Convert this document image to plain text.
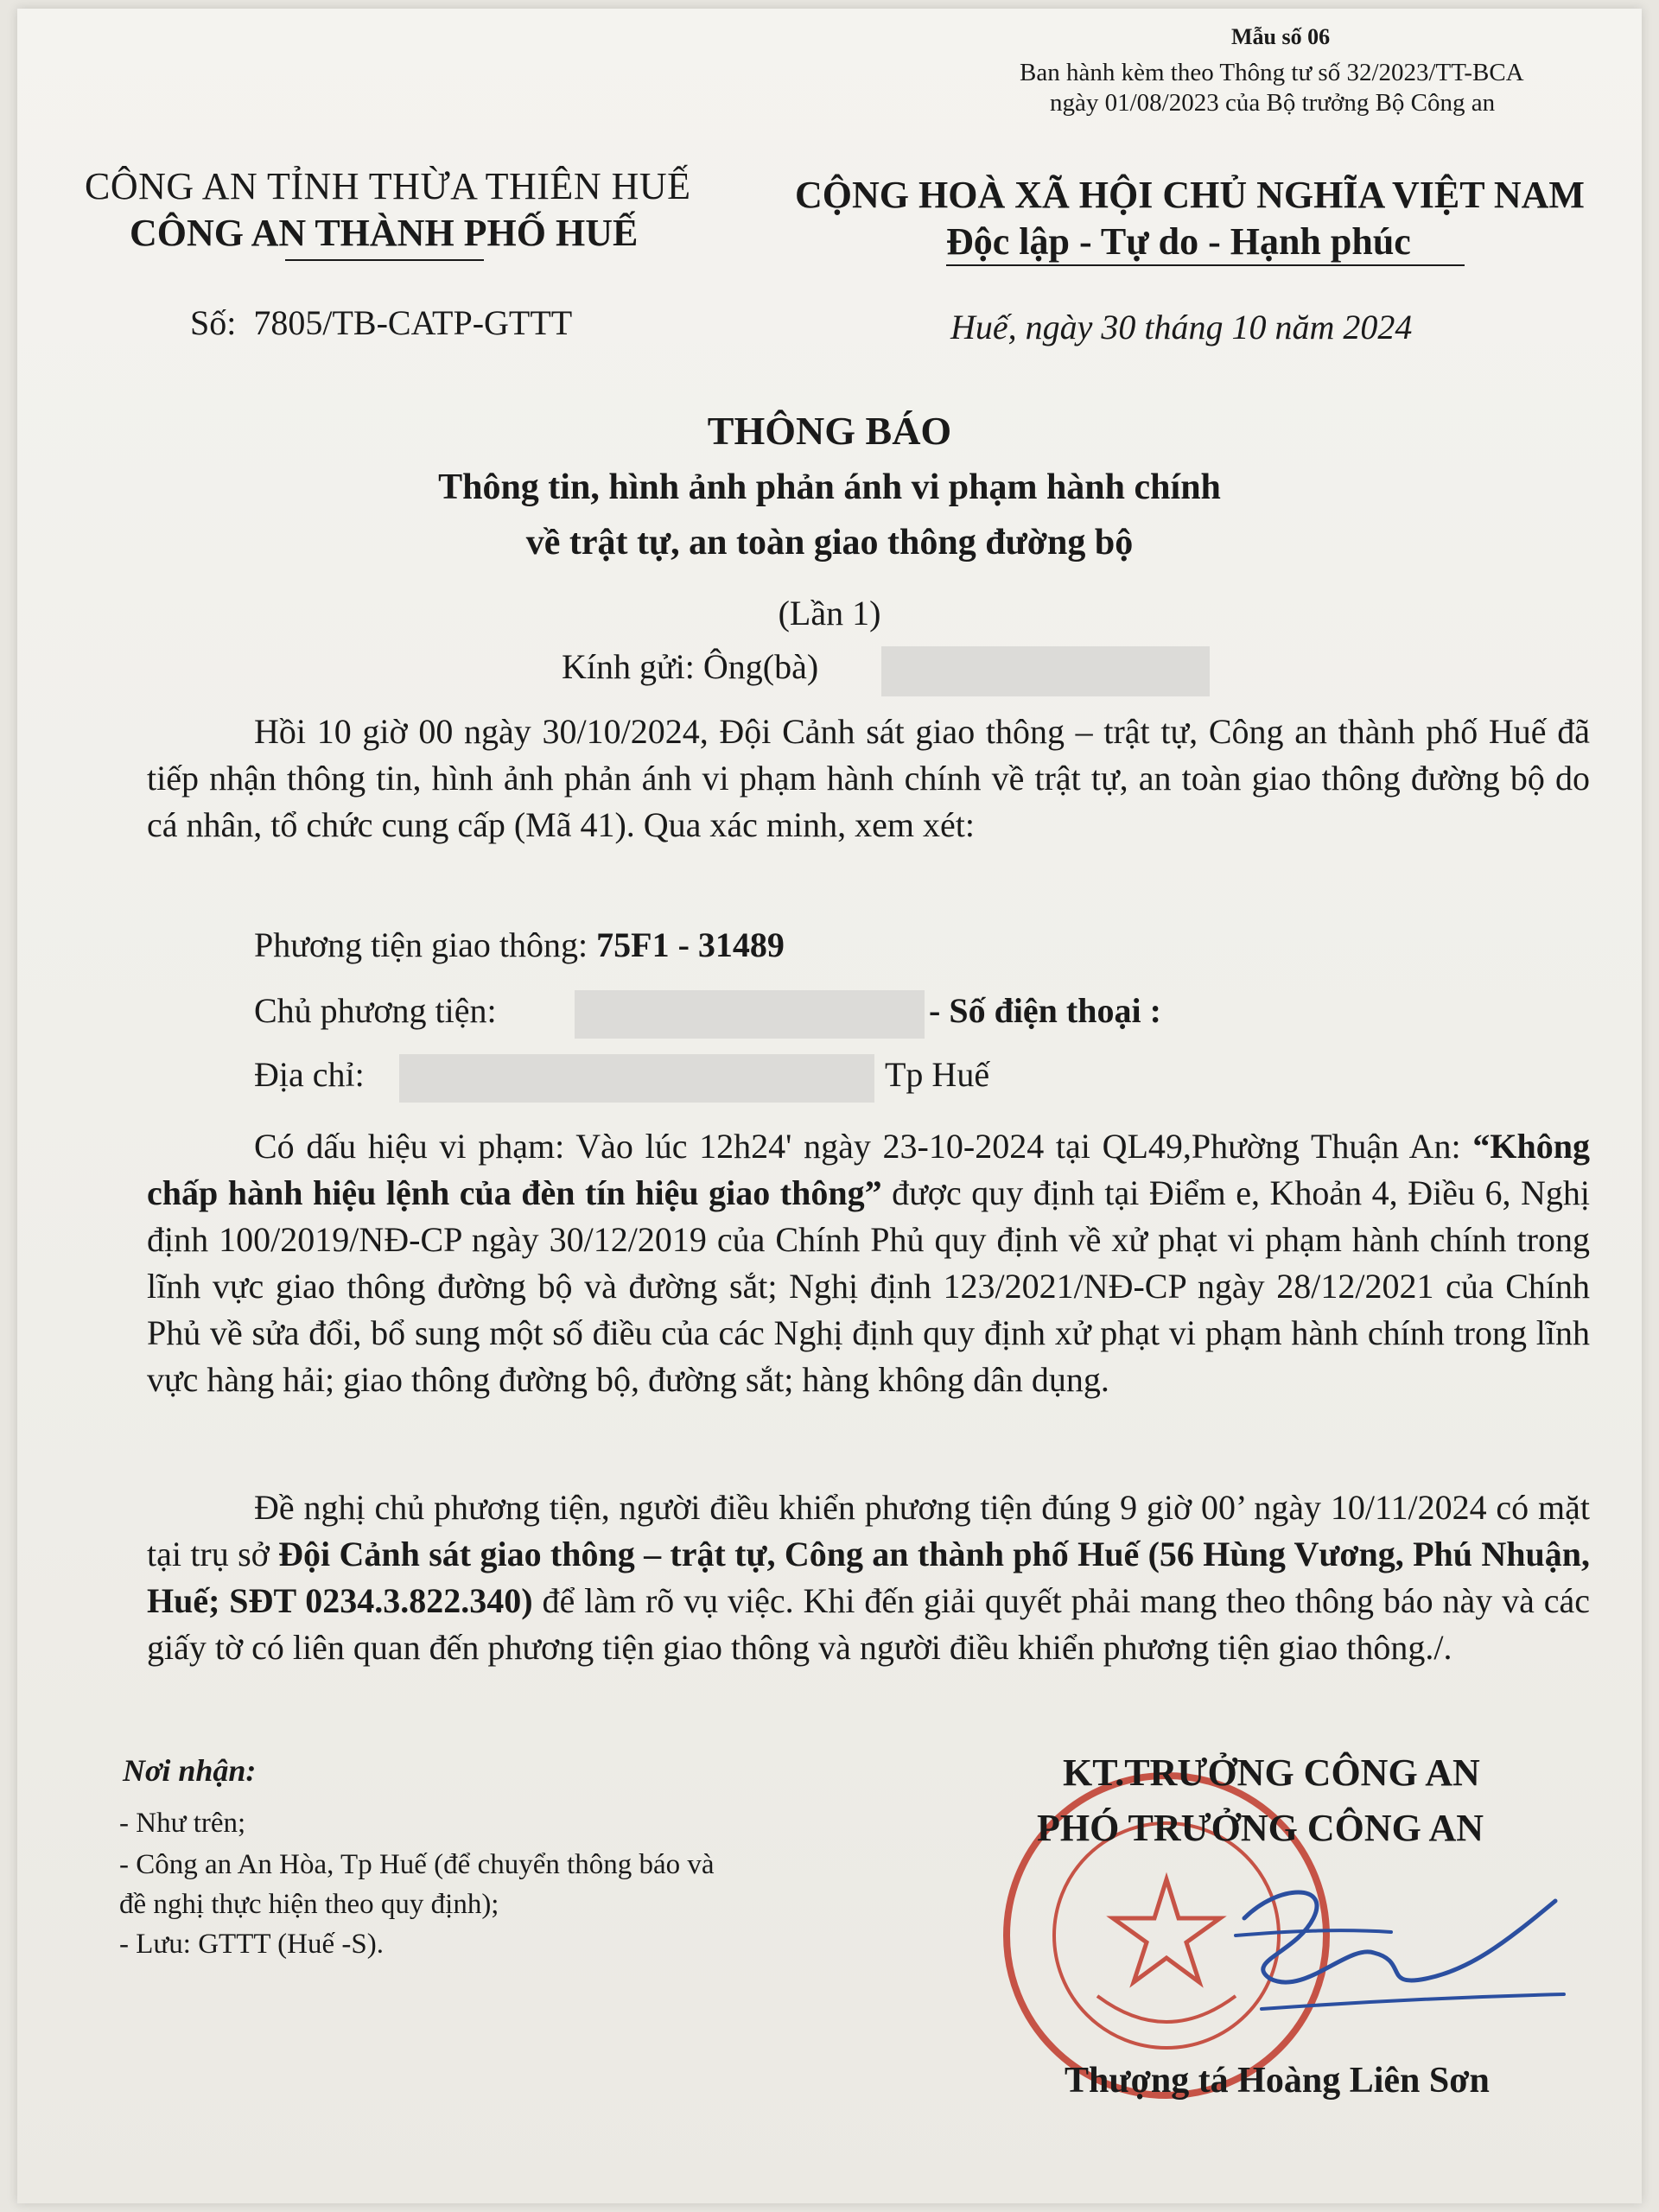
Mẫu số 06
Ban hành kèm theo Thông tư số 32/2023/TT-BCA
ngày 01/08/2023 của Bộ trưởng Bộ Công an
CÔNG AN TỈNH THỪA THIÊN HUẾ
CÔNG AN THÀNH PHỐ HUẾ
Số: 7805/TB-CATP-GTTT
CỘNG HOÀ XÃ HỘI CHỦ NGHĨA VIỆT NAM
Độc lập - Tự do - Hạnh phúc
Huế, ngày 30 tháng 10 năm 2024
THÔNG BÁO
Thông tin, hình ảnh phản ánh vi phạm hành chính
về trật tự, an toàn giao thông đường bộ
(Lần 1)
Kính gửi: Ông(bà)
Hồi 10 giờ 00 ngày 30/10/2024, Đội Cảnh sát giao thông – trật tự, Công an thành phố Huế đã tiếp nhận thông tin, hình ảnh phản ánh vi phạm hành chính về trật tự, an toàn giao thông đường bộ do cá nhân, tổ chức cung cấp (Mã 41). Qua xác minh, xem xét:
Phương tiện giao thông: 75F1 - 31489
Chủ phương tiện:	- Số điện thoại :
Địa chỉ:	Tp Huế
Có dấu hiệu vi phạm: Vào lúc 12h24' ngày 23-10-2024 tại QL49,Phường Thuận An: “Không chấp hành hiệu lệnh của đèn tín hiệu giao thông” được quy định tại Điểm e, Khoản 4, Điều 6, Nghị định 100/2019/NĐ-CP ngày 30/12/2019 của Chính Phủ quy định về xử phạt vi phạm hành chính trong lĩnh vực giao thông đường bộ và đường sắt; Nghị định 123/2021/NĐ-CP ngày 28/12/2021 của Chính Phủ về sửa đổi, bổ sung một số điều của các Nghị định quy định xử phạt vi phạm hành chính trong lĩnh vực hàng hải; giao thông đường bộ, đường sắt; hàng không dân dụng.
Đề nghị chủ phương tiện, người điều khiển phương tiện đúng 9 giờ 00’ ngày 10/11/2024 có mặt tại trụ sở Đội Cảnh sát giao thông – trật tự, Công an thành phố Huế (56 Hùng Vương, Phú Nhuận, Huế; SĐT 0234.3.822.340) để làm rõ vụ việc. Khi đến giải quyết phải mang theo thông báo này và các giấy tờ có liên quan đến phương tiện giao thông và người điều khiển phương tiện giao thông./.
Nơi nhận:
- Như trên;
- Công an An Hòa, Tp Huế (để chuyển thông báo và
đề nghị thực hiện theo quy định);
- Lưu: GTTT (Huế -S).
KT.TRƯỞNG CÔNG AN
PHÓ TRƯỞNG CÔNG AN
Thượng tá Hoàng Liên Sơn
